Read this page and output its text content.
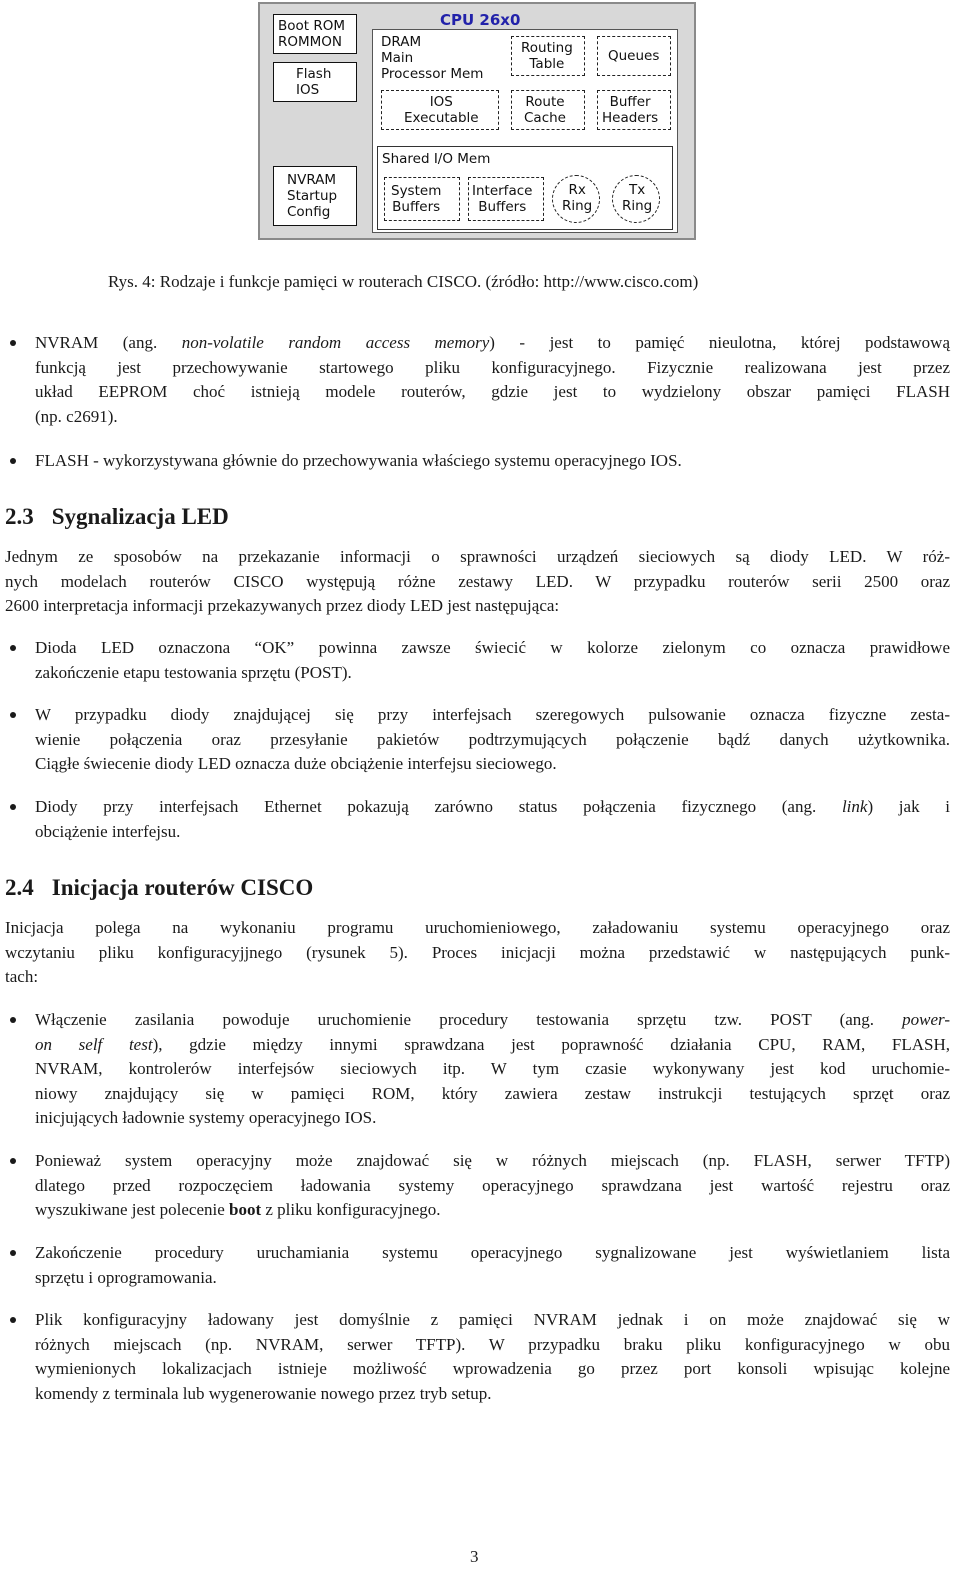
Boot ROM
ROMMON
Flash
IOS
NVRAM
Startup
Config
CPU 26x0
DRAM
Main
Processor Mem
Routing
Table	Queues
IOS
Executable
Route
Cache
Buffer
Headers
Shared I/O Mem
System
Buffers
Interface
Buffers
Rx
Ring
Tx
Ring
Rys. 4: Rodzaje i funkcje pamięci w routerach CISCO. (źródło: http://www.cisco.com)
NVRAM (ang. non-volatile random access memory) - jest to pamięć nieulotna, której podstawową
funkcją jest przechowywanie startowego pliku konfiguracyjnego. Fizycznie realizowana jest przez
układ EEPROM choć istnieją modele routerów, gdzie jest to wydzielony obszar pamięci FLASH
(np. c2691).
FLASH - wykorzystywana głównie do przechowywania właściego systemu operacyjnego IOS.
2.3 Sygnalizacja LED
Jednym ze sposobów na przekazanie informacji o sprawności urządzeń sieciowych są diody LED. W róż-
nych modelach routerów CISCO występują różne zestawy LED. W przypadku routerów serii 2500 oraz
2600 interpretacja informacji przekazywanych przez diody LED jest następująca:
Dioda LED oznaczona “OK” powinna zawsze świecić w kolorze zielonym co oznacza prawidłowe
zakończenie etapu testowania sprzętu (POST).
W przypadku diody znajdującej się przy interfejsach szeregowych pulsowanie oznacza fizyczne zesta-
wienie połączenia oraz przesyłanie pakietów podtrzymujących połączenie bądź danych użytkownika.
Ciągłe świecenie diody LED oznacza duże obciążenie interfejsu sieciowego.
Diody przy interfejsach Ethernet pokazują zarówno status połączenia fizycznego (ang. link) jak i
obciążenie interfejsu.
2.4 Inicjacja routerów CISCO
Inicjacja polega na wykonaniu programu uruchomieniowego, załadowaniu systemu operacyjnego oraz
wczytaniu pliku konfiguracyjjnego (rysunek 5). Proces inicjacji można przedstawić w następujących punk-
tach:
Włączenie zasilania powoduje uruchomienie procedury testowania sprzętu tzw. POST (ang. power-
on self test), gdzie między innymi sprawdzana jest poprawność działania CPU, RAM, FLASH,
NVRAM, kontrolerów interfejsów sieciowych itp. W tym czasie wykonywany jest kod uruchomie-
niowy znajdujący się w pamięci ROM, który zawiera zestaw instrukcji testujących sprzęt oraz
inicjujących ładownie systemy operacyjnego IOS.
Ponieważ system operacyjny może znajdować się w różnych miejscach (np. FLASH, serwer TFTP)
dlatego przed rozpoczęciem ładowania systemy operacyjnego sprawdzana jest wartość rejestru oraz
wyszukiwane jest polecenie boot z pliku konfiguracyjnego.
Zakończenie procedury uruchamiania systemu operacyjnego sygnalizowane jest wyświetlaniem lista
sprzętu i oprogramowania.
Plik konfiguracyjny ładowany jest domyślnie z pamięci NVRAM jednak i on może znajdować się w
różnych miejscach (np. NVRAM, serwer TFTP). W przypadku braku pliku konfiguracyjnego w obu
wymienionych lokalizacjach istnieje możliwość wprowadzenia go przez port konsoli wpisując kolejne
komendy z terminala lub wygenerowanie nowego przez tryb setup.
3
